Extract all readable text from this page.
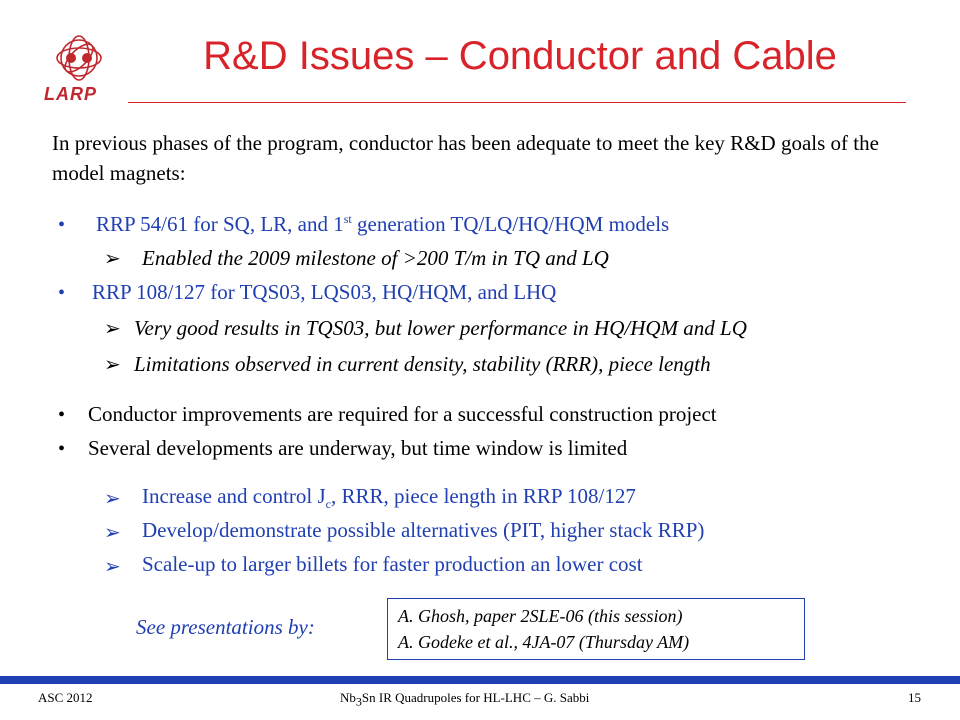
LARP
R&D Issues – Conductor and Cable
In previous phases of the program, conductor has been adequate to meet the key R&D goals of the model magnets:
• RRP 54/61 for SQ, LR, and 1st generation TQ/LQ/HQ/HQM models
➢ Enabled the 2009 milestone of >200 T/m in TQ and LQ
• RRP 108/127 for TQS03, LQS03, HQ/HQM, and LHQ
➢ Very good results in TQS03, but lower performance in HQ/HQM and LQ
➢ Limitations observed in current density, stability (RRR), piece length
• Conductor improvements are required for a successful construction project
• Several developments are underway, but time window is limited
➢ Increase and control $J_c$, RRR, piece length in RRP 108/127
➢ Develop/demonstrate possible alternatives (PIT, higher stack RRP)
➢ Scale-up to larger billets for faster production an lower cost
See presentations by:	A. Ghosh, paper 2SLE-06 (this session)
A. Godeke et al., 4JA-07 (Thursday AM)
ASC 2012	$Nb_3Sn$ IR Quadrupoles for HL-LHC – G. Sabbi	15
